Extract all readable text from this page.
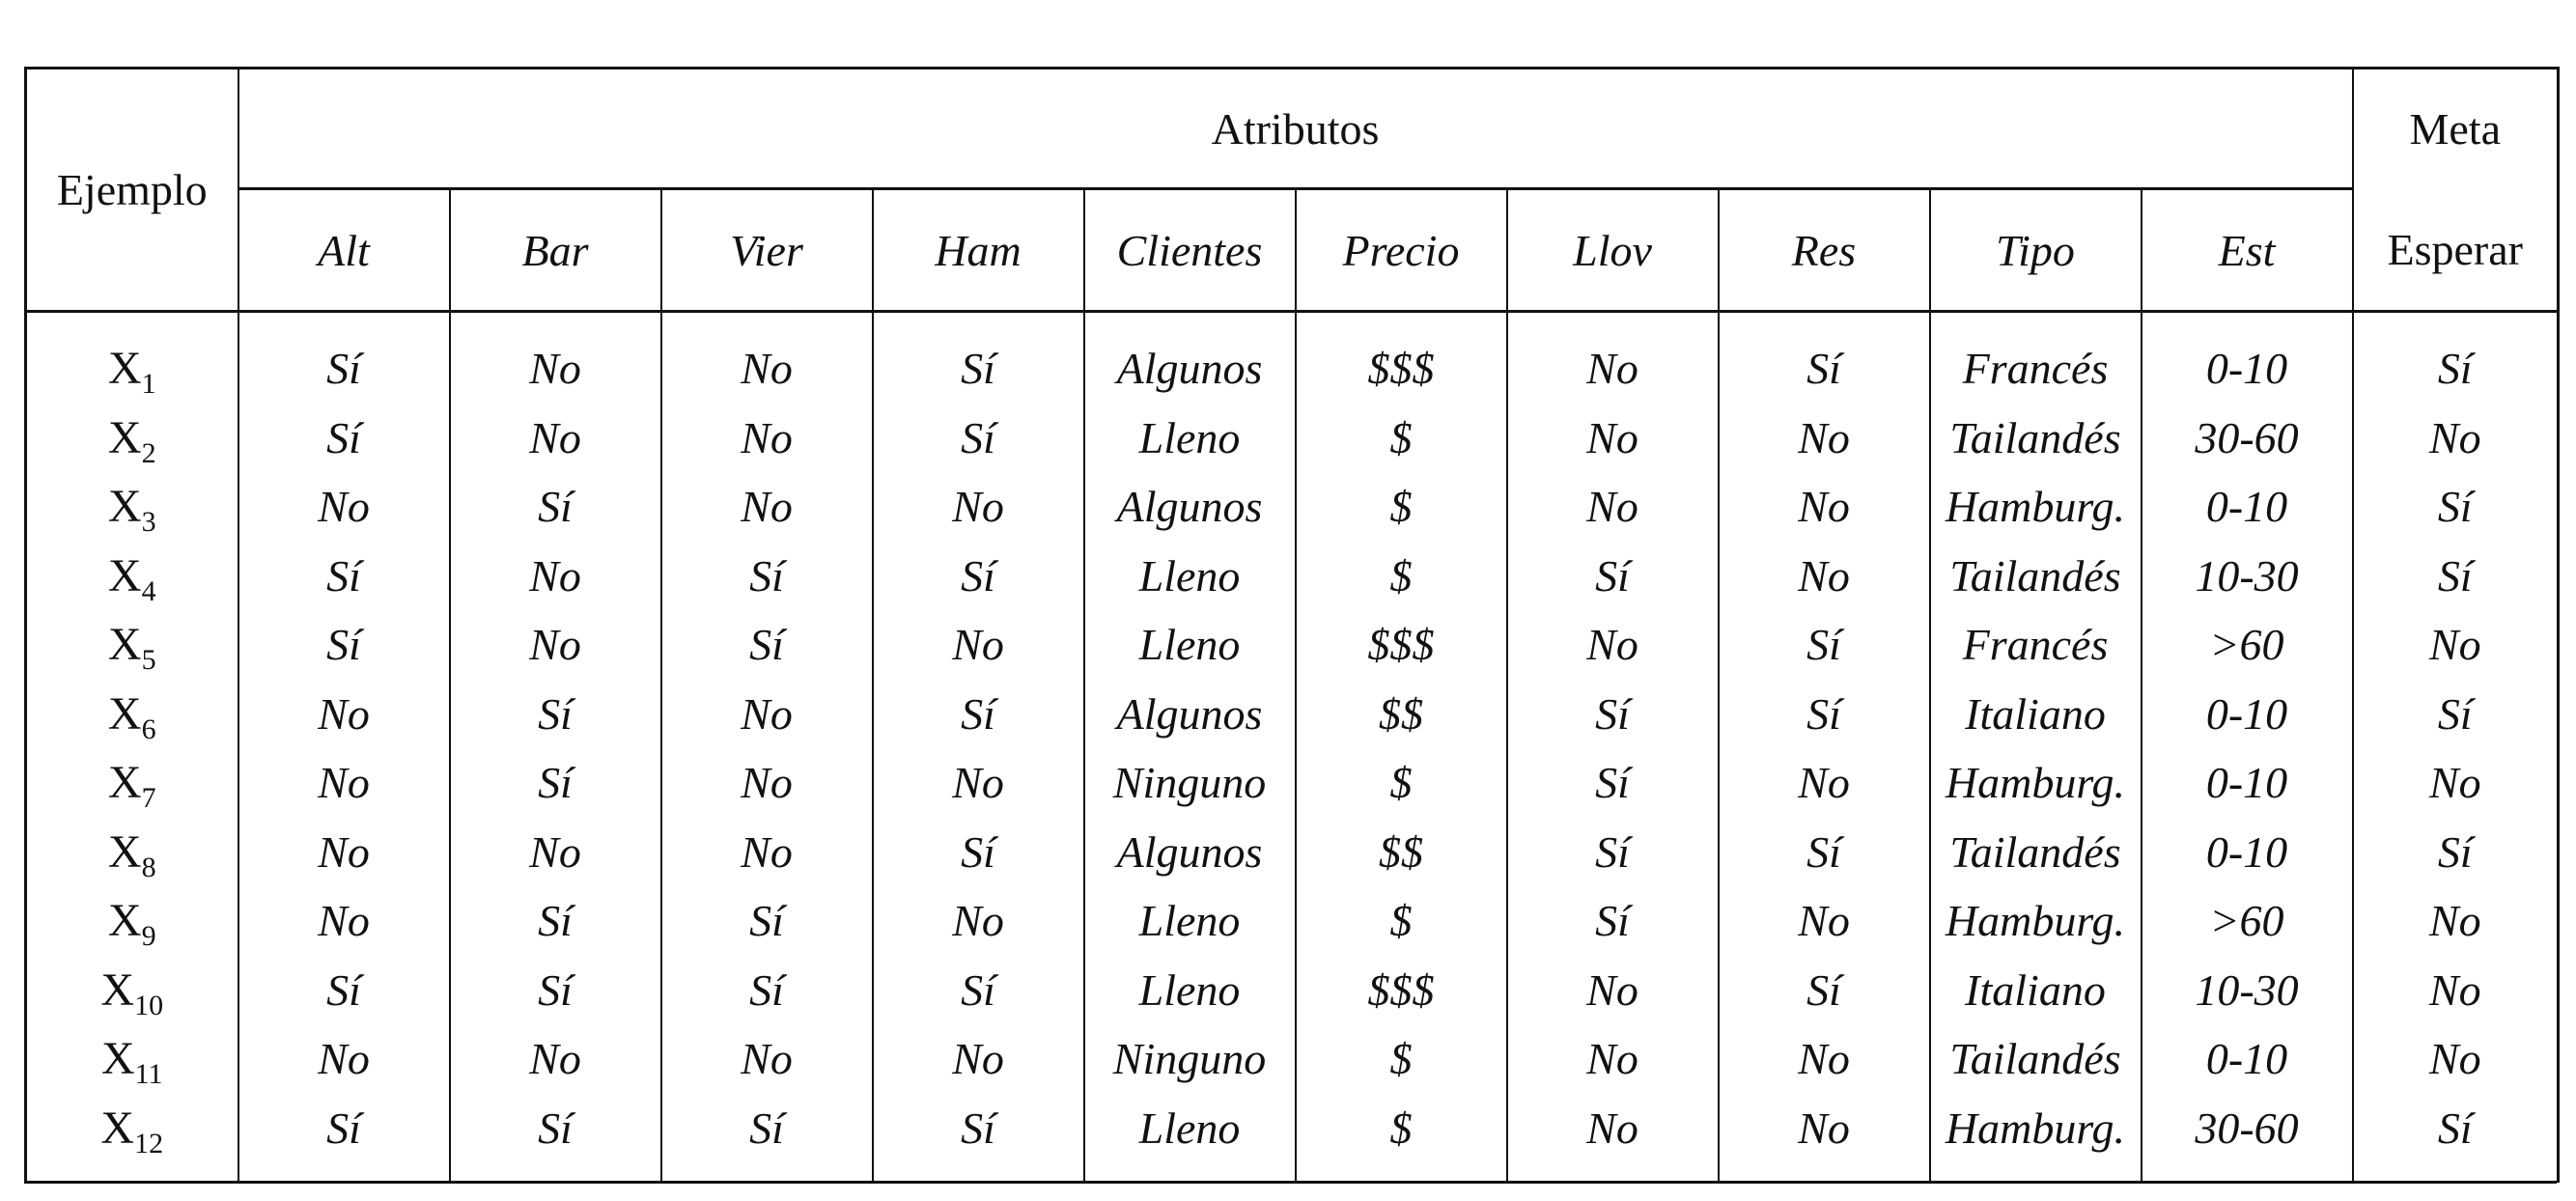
Ejemplo	Atributos										Meta
	Alt	Bar	Vier	Ham	Clientes	Precio	Llov	Res	Tipo	Est	Esperar

$X_1$	Sí	No	No	Sí	Algunos	$$$	No	Sí	Francés	0-10	Sí
$X_2$	Sí	No	No	Sí	Lleno	$	No	No	Tailandés	30-60	No
$X_3$	No	Sí	No	No	Algunos	$	No	No	Hamburg.	0-10	Sí
$X_4$	Sí	No	Sí	Sí	Lleno	$	Sí	No	Tailandés	10-30	Sí
$X_5$	Sí	No	Sí	No	Lleno	$$$	No	Sí	Francés	>60	No
$X_6$	No	Sí	No	Sí	Algunos	$$	Sí	Sí	Italiano	0-10	Sí
$X_7$	No	Sí	No	No	Ninguno	$	Sí	No	Hamburg.	0-10	No
$X_8$	No	No	No	Sí	Algunos	$$	Sí	Sí	Tailandés	0-10	Sí
$X_9$	No	Sí	Sí	No	Lleno	$	Sí	No	Hamburg.	>60	No
$X_{10}$	Sí	Sí	Sí	Sí	Lleno	$$$	No	Sí	Italiano	10-30	No
$X_{11}$	No	No	No	No	Ninguno	$	No	No	Tailandés	0-10	No
$X_{12}$	Sí	Sí	Sí	Sí	Lleno	$	No	No	Hamburg.	30-60	Sí
